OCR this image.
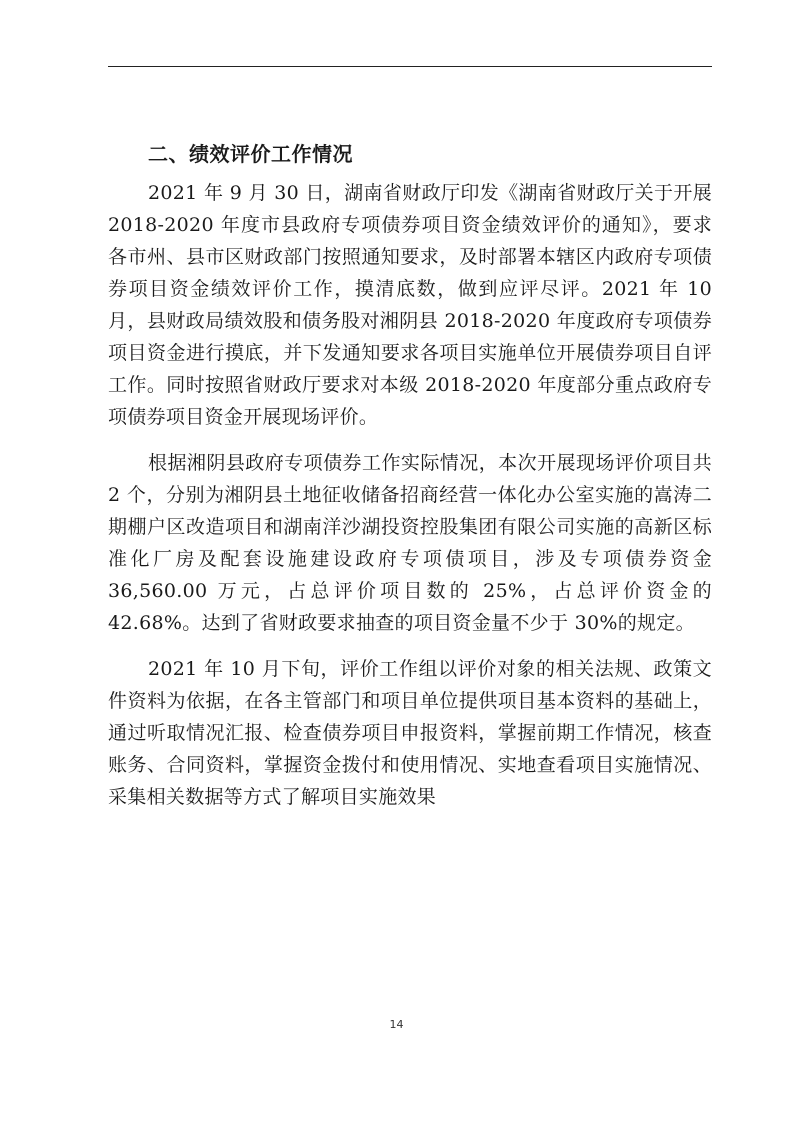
二、绩效评价工作情况

2021 年 9 月 30 日，湖南省财政厅印发《湖南省财政厅关于开展 2018-2020 年度市县政府专项债券项目资金绩效评价的通知》，要求各市州、县市区财政部门按照通知要求，及时部署本辖区内政府专项债券项目资金绩效评价工作，摸清底数，做到应评尽评。2021 年 10 月，县财政局绩效股和债务股对湘阴县 2018-2020 年度政府专项债券项目资金进行摸底，并下发通知要求各项目实施单位开展债券项目自评工作。同时按照省财政厅要求对本级 2018-2020 年度部分重点政府专项债券项目资金开展现场评价。

根据湘阴县政府专项债券工作实际情况，本次开展现场评价项目共 2 个，分别为湘阴县土地征收储备招商经营一体化办公室实施的嵩涛二期棚户区改造项目和湖南洋沙湖投资控股集团有限公司实施的高新区标准化厂房及配套设施建设政府专项债项目，涉及专项债券资金 36,560.00 万元，占总评价项目数的 25%，占总评价资金的 42.68%。达到了省财政要求抽查的项目资金量不少于 30%的规定。

2021 年 10 月下旬，评价工作组以评价对象的相关法规、政策文件资料为依据，在各主管部门和项目单位提供项目基本资料的基础上，通过听取情况汇报、检查债券项目申报资料，掌握前期工作情况，核查账务、合同资料，掌握资金拨付和使用情况、实地查看项目实施情况、采集相关数据等方式了解项目实施效果

14
